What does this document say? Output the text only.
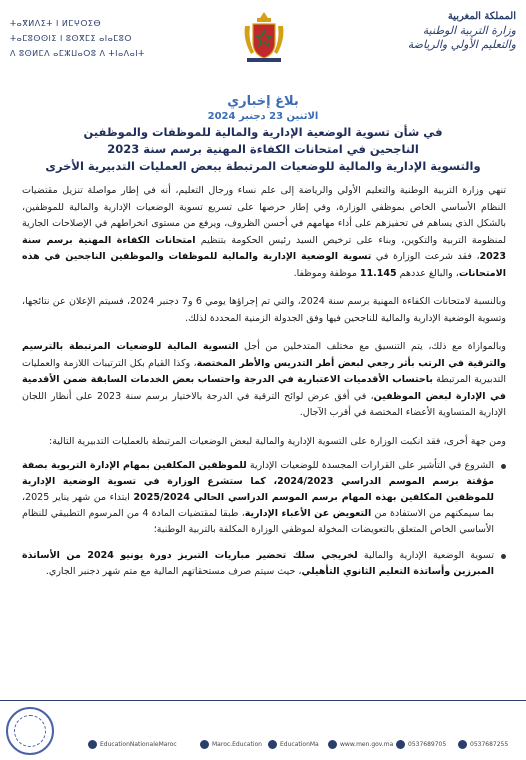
ⵜⴰⴳⵍⴷⵉⵜ ⵏ ⵍⵎⵖⵔⵉⴱ
ⵜⴰⵎⵓⵙⵙⵏⵉ ⵏ ⵓⵙⴳⵎⵉ ⴰⵏⴰⵎⵓⵔ
ⴷ ⵓⵙⵍⵎⴷ ⴰⵎⵣⵡⴰⵔⵓ ⴷ ⵜⵏⴰⴷⴰⵏⵜ
المملكة المغربية
وزارة التربية الوطنية
والتعليم الأولي والرياضة
بلاغ إخباري
الاثنين 23 دجنبر 2024
في شأن تسوية الوضعية الإدارية والمالية للموظفات والموظفين
الناجحين في امتحانات الكفاءة المهنية برسم سنة 2023
والتسوية الإدارية والمالية للوضعيات المرتبطة ببعض العمليات التدبيرية الأخرى

تنهي وزارة التربية الوطنية والتعليم الأولي والرياضة إلى علم نساء ورجال التعليم، أنه في إطار مواصلة تنزيل مقتضيات النظام الأساسي الخاص بموظفي الوزارة، وفي إطار حرصها على تسريع تسوية الوضعيات الإدارية والمالية للموظفين، بالشكل الذي يساهم في تحفيزهم على أداء مهامهم في أحسن الظروف، ويرفع من مستوى انخراطهم في الإصلاحات الجارية لمنظومة التربية والتكوين، وبناء على ترخيص السيد رئيس الحكومة بتنظيم امتحانات الكفاءة المهنية برسم سنة 2023، فقد شرعت الوزارة في تسوية الوضعية الإدارية والمالية للموظفات والموظفين الناجحين في هذه الامتحانات، والبالغ عددهم 11.145 موظفة وموظفا.

وبالنسبة لامتحانات الكفاءة المهنية برسم سنة 2024، والتي تم إجراؤها يومي 6 و7 دجنبر 2024، فسيتم الإعلان عن نتائجها، وتسوية الوضعية الإدارية والمالية للناجحين فيها وفق الجدولة الزمنية المحددة لذلك.

وبالموازاة مع ذلك، يتم التنسيق مع مختلف المتدخلين من أجل التسوية المالية للوضعيات المرتبطة بالترسيم والترقية في الرتب بأثر رجعي لبعض أطر التدريس والأطر المختصة، وكذا القيام بكل الترتيبات اللازمة والعمليات التدبيرية المرتبطة باحتساب الأقدميات الاعتبارية في الدرجة واحتساب بعض الخدمات السابقة ضمن الأقدمية في الإدارة لبعض الموظفين، في أفق عرض لوائح الترقية في الدرجة بالاختيار برسم سنة 2023 على أنظار اللجان الإدارية المتساوية الأعضاء المختصة في أقرب الآجال.

ومن جهة أخرى، فقد انكبت الوزارة على التسوية الإدارية والمالية لبعض الوضعيات المرتبطة بالعمليات التدبيرية التالية:

الشروع في التأشير على القرارات المجسدة للوضعيات الإدارية للموظفين المكلفين بمهام الإدارة التربوية بصفة مؤقتة برسم الموسم الدراسي 2024/2023، كما ستشرع الوزارة في تسوية الوضعية الإدارية للموظفين المكلفين بهذه المهام برسم الموسم الدراسي الحالي 2025/2024 ابتداء من شهر يناير 2025، بما سيمكنهم من الاستفادة من التعويض عن الأعباء الإدارية، طبقا لمقتضيات المادة 4 من المرسوم التطبيقي للنظام الأساسي الخاص المتعلق بالتعويضات المخولة لموظفي الوزارة المكلفة بالتربية الوطنية؛
تسوية الوضعية الإدارية والمالية لخريجي سلك تحضير مباريات التبريز دورة يونيو 2024 من الأساتذة المبرزين وأساتذة التعليم الثانوي التأهيلي، حيث سيتم صرف مستحقاتهم المالية مع متم شهر دجنبر الجاري.
EducationNationaleMaroc	Maroc.Education	EducationMa	www.men.gov.ma 0537689705	0537687255
